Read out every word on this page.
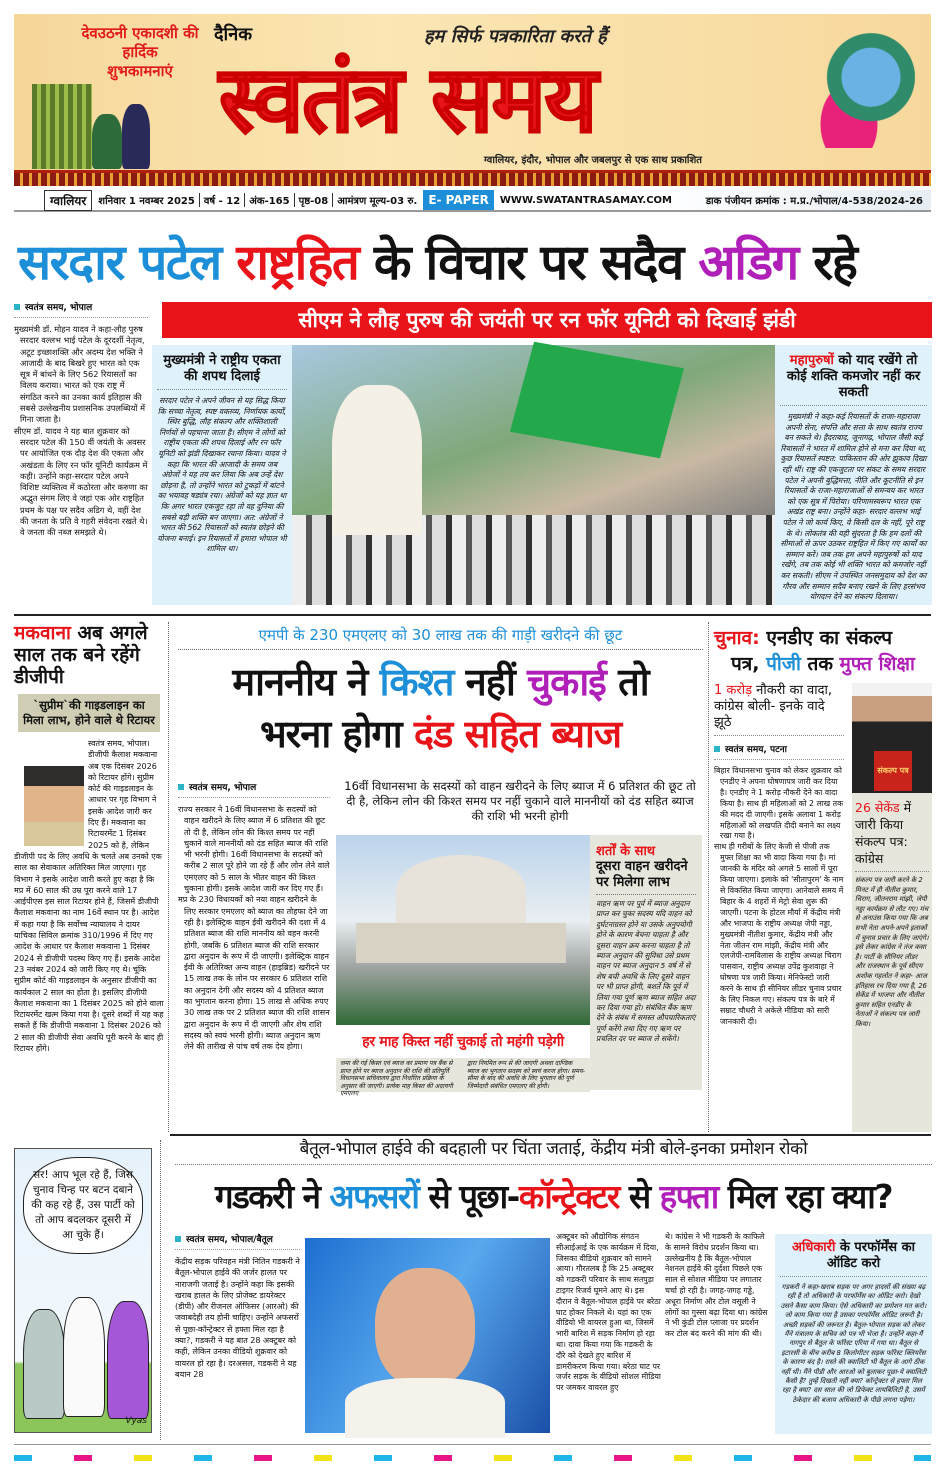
देवउठनी एकादशी की
हार्दिक
शुभकामनाएं
दैनिक	हम सिर्फ पत्रकारिता करते हैं
स्वतंत्र समय
ग्वालियर, इंदौर, भोपाल और जबलपुर से एक साथ प्रकाशित
ग्वालियर	शनिवार 1 नवम्बर 2025 वर्ष - 12 अंक-165 पृष्ठ-08 आमंत्रण मूल्य-03 रु. E- PAPER	WWW.SWATANTRASAMAY.COM	डाक पंजीयन क्रमांक : म.प्र./भोपाल/4-538/2024-26
सरदार पटेल राष्ट्रहित के विचार पर सदैव अडिग रहे
स्वतंत्र समय, भोपाल

मुख्यमंत्री डॉ. मोहन यादव ने कहा-लौह पुरुष सरदार वल्लभ भाई पटेल के दूरदर्शी नेतृत्व, अटूट इच्छाशक्ति और अदम्य देश भक्ति ने आजादी के बाद बिखरे हुए भारत को एक सूत्र में बांधने के लिए 562 रियासतों का विलय कराया। भारत को एक राष्ट्र में संगठित करने का उनका कार्य इतिहास की सबसे उल्लेखनीय प्रशासनिक उपलब्धियों में गिना जाता है।

सीएम डॉ. यादव ने यह बात शुक्रवार को सरदार पटेल की 150 वीं जयंती के अवसर पर आयोजित एक दौड़ देश की एकता और अखंडता के लिए रन फॉर यूनिटी कार्यक्रम में कही। उन्होंने कहा-सरदार पटेल अपने विशिष्ट व्यक्तित्व में कठोरता और करुणा का अद्भुत संगम लिए वे जहां एक ओर राष्ट्रहित प्रथम के पक्ष पर सदैव अडिग थे, वहीं देश की जनता के प्रति वे गहरी संवेदना रखते थे। वे जनता की नब्ज समझते थे।

सीएम ने लौह पुरुष की जयंती पर रन फॉर यूनिटी को दिखाई झंडी
मुख्यमंत्री ने राष्ट्रीय एकता की शपथ दिलाई
सरदार पटेल ने अपने जीवन से यह सिद्ध किया कि सच्चा नेतृत्व, स्पष्ट वक्तव्य, निर्णायक कार्यों, स्थिर बुद्धि, लौह संकल्प और शक्तिशाली निर्णयों से पहचाना जाता है। सीएम ने लोगों को राष्ट्रीय एकता की शपथ दिलाई और रन फॉर यूनिटी को झंडी दिखाकर रवाना किया। यादव ने कहा कि भारत की आजादी के समय जब अंग्रेजों ने यह तय कर लिया कि अब उन्हें देश छोड़ना है, तो उन्होंने भारत को टुकड़ों में बांटने का भयावह षड्यंत्र रचा। अंग्रेजों को यह ज्ञात था कि अगर भारत एकजुट रहा तो वह दुनिया की सबसे बड़ी शक्ति बन जाएगा। अत: अंग्रेजों ने भारत की 562 रियासतों को स्वतंत्र छोड़ने की योजना बनाई। इन रियासतों में हमारा भोपाल भी शामिल था।
महापुरुषों को याद रखेंगे तो कोई शक्ति कमजोर नहीं कर सकती
मुख्यमंत्री ने कहा-कई रियासतों के राजा-महाराजा अपनी सेना, संपत्ति और सत्ता के साथ स्वतंत्र राज्य बन सकते थे। हैदराबाद, जूनागढ़, भोपाल जैसी कई रियासतों ने भारत में शामिल होने से मना कर दिया था, कुछ रियासतें स्पष्टत: पाकिस्तान की ओर झुकाव दिखा रही थीं। राष्ट्र की एकजुटता पर संकट के समय सरदार पटेल ने अपनी बुद्धिमत्ता, नीति और कूटनीति से इन रियासतों के राजा-महाराजाओं से समन्वय कर भारत को एक सूत्र में पिरोया। परिणामस्वरूप भारत एक अखंड राष्ट्र बना। उन्होंने कहा- सरदार वल्लभ भाई पटेल ने जो कार्य किए, वे किसी दल के नहीं, पूरे राष्ट्र के थे। लोकतंत्र की यही सुंदरता है कि हम दलों की सीमाओं से ऊपर उठकर राष्ट्रहित में किए गए कार्यों का सम्मान करें। जब तक हम अपने महापुरुषों को याद रखेंगे, तब तक कोई भी शक्ति भारत को कमजोर नहीं कर सकती। सीएम ने उपस्थित जनसमुदाय को देश का गौरव और सम्मान सदैव बनाए रखने के लिए हरसंभव योगदान देने का संकल्प दिलाया।
मकवाना अब अगले साल तक बने रहेंगे डीजीपी
`सुप्रीम`की गाइडलाइन का मिला लाभ, होने वाले थे रिटायर
स्वतंत्र समय, भोपाल। डीजीपी कैलाश मकवाना अब एक दिसंबर 2026 को रिटायर होंगे। सुप्रीम कोर्ट की गाइडलाइन के आधार पर गृह विभाग ने इसके आदेश जारी कर दिए हैं। मकवाना का रिटायरमेंट 1 दिसंबर 2025 को है, लेकिन डीजीपी पद के लिए अवधि के चलते अब उनको एक साल का सेवाकाल अतिरिक्त मिल जाएगा। गृह विभाग ने इसके आदेश जारी करते हुए कहा है कि मप्र में 60 साल की उम्र पूरा करने वाले 17 आईपीएस इस साल रिटायर होने हैं, जिसमें डीजीपी कैलाश मकवाना का नाम 16वें स्थान पर है। आदेश में कहा गया है कि सर्वोच्च न्यायालय ने दायर याचिका सिविल क्रमांक 310/1996 में दिए गए आदेश के आधार पर कैलाश मकवाना 1 दिसंबर 2024 से डीजीपी पदस्थ किए गए हैं। इसके आदेश 23 नवंबर 2024 को जारी किए गए थे। चूंकि सुप्रीम कोर्ट की गाइडलाइन के अनुसार डीजीपी का कार्यकाल 2 साल का होता है। इसलिए डीजीपी कैलाश मकवाना का 1 दिसंबर 2025 को होने वाला रिटायरमेंट खत्म किया गया है। दूसरे शब्दों में यह कह सकते हैं कि डीजीपी मकवाना 1 दिसंबर 2026 को 2 साल की डीजीपी सेवा अवधि पूरी करने के बाद ही रिटायर होंगे।
एमपी के 230 एमएलए को 30 लाख तक की गाड़ी खरीदने की छूट
माननीय ने किश्त नहीं चुकाई तो
भरना होगा दंड सहित ब्याज
स्वतंत्र समय, भोपाल

राज्य सरकार ने 16वीं विधानसभा के सदस्यों को वाहन खरीदने के लिए ब्याज में 6 प्रतिशत की छूट तो दी है, लेकिन लोन की किश्त समय पर नहीं चुकाने वाले माननीयों को दंड सहित ब्याज की राशि भी भरनी होगी। 16वीं विधानसभा के सदस्यों को करीब 2 साल पूरे होने जा रहे हैं और लोन लेने वाले एमएलए को 5 साल के भीतर वाहन की किश्त चुकाना होगी। इसके आदेश जारी कर दिए गए हैं।

मप्र के 230 विधायकों को नया वाहन खरीदने के लिए सरकार एमएलए को ब्याज का तोहफा देने जा रही है। इलेक्ट्रिक वाहन ईवी खरीदने की दशा में 4 प्रतिशत ब्याज की राशि माननीय को वहन करनी होगी, जबकि 6 प्रतिशत ब्याज की राशि सरकार द्वारा अनुदान के रूप में दी जाएगी। इलेक्ट्रिक वाहन ईवी के अतिरिक्त अन्य वाहन (हाइब्रिड) खरीदने पर 15 लाख तक के लोन पर सरकार 6 प्रतिशत राशि का अनुदान देगी और सदस्य को 4 प्रतिशत ब्याज का भुगतान करना होगा। 15 लाख से अधिक रुपए 30 लाख तक पर 2 प्रतिशत ब्याज की राशि शासन द्वारा अनुदान के रूप में दी जाएगी और शेष राशि सदस्य को स्वयं भरनी होगी। ब्याज अनुदान ऋण लेने की तारीख से पांच वर्ष तक देय होगा।

16वीं विधानसभा के सदस्यों को वाहन खरीदने के लिए ब्याज में 6 प्रतिशत की छूट तो दी है, लेकिन लोन की किश्त समय पर नहीं चुकाने वाले माननीयों को दंड सहित ब्याज की राशि भी भरनी होगी
शर्तों के साथ
दूसरा वाहन खरीदने पर मिलेगा लाभ
वाहन ऋण पर पूर्व में ब्याज अनुदान प्राप्त कर चुका सदस्य यदि वाहन को दुर्घटनाग्रस्त होने या उसके अनुपयोगी होने के कारण बेचना चाहता है और दूसरा वाहन क्रय करना चाहता है तो ब्याज अनुदान की सुविधा उसे प्रथम वाहन पर ब्याज अनुदान 5 वर्ष में से शेष बची अवधि के लिए दूसरे वाहन पर भी प्राप्त होगी, बशर्ते कि पूर्व में लिया गया पूर्ण ऋण ब्याज सहित अदा कर दिया गया हो। संबंधित बैंक ऋण देने के संबंध में समस्त औपचारिकताएं पूर्ण करेंगे तथा दिए गए ऋण पर प्रचलित दर पर ब्याज ले सकेंगे।
हर माह किस्त नहीं चुकाई तो महंगी पड़ेगी
जमा की गई किस्त एवं ब्याज का प्रमाण पत्र बैंक से प्राप्त होने पर ब्याज अनुदान की राशि की प्रतिपूर्ति विधानसभा सचिवालय द्वारा निर्धारित प्रक्रिया के अनुसार की जाएगी। प्रत्येक माह किस्त की अदायगी एमएलए
द्वारा नियमित रूप से की जाएगी अथवा दाण्डिक ब्याज का भुगतान सदस्य को स्वयं करना होगा। समय-सीमा के बाद की अवधि के लिए भुगतान की पूर्ण जिम्मेदारी संबंधित एमएलए की होगी।
चुनाव: एनडीए का संकल्प
पत्र, पीजी तक मुफ्त शिक्षा
1 करोड़ नौकरी का वादा, कांग्रेस बोली- इनके वादे झूठे
स्वतंत्र समय, पटना

बिहार विधानसभा चुनाव को लेकर शुक्रवार को एनडीए ने अपना घोषणापत्र जारी कर दिया है। एनडीए ने 1 करोड़ नौकरी देने का वादा किया है। साथ ही महिलाओं को 2 लाख तक की मदद दी जाएगी। इसके अलावा 1 करोड़ महिलाओं को लखपति दीदी बनाने का लक्ष्य रखा गया है।

साथ ही गरीबों के लिए केजी से पीजी तक मुफ्त शिक्षा का भी वादा किया गया है। मां जानकी के मंदिर को अगले 5 सालों में पूरा किया जाएगा। इलाके को 'सीतापुरम' के नाम से विकसित किया जाएगा। आनेवाले समय में बिहार के 4 शहरों में मेट्रो सेवा शुरू की जाएगी। पटना के होटल मौर्या में केंद्रीय मंत्री और भाजपा के राष्ट्रीय अध्यक्ष जेपी नड्डा, मुख्यमंत्री नीतीश कुमार, केंद्रीय मंत्री और नेता जीतन राम मांझी, केंद्रीय मंत्री और एलजेपी-रामविलास के राष्ट्रीय अध्यक्ष चिराग पासवान, राष्ट्रीय अध्यक्ष उपेंद्र कुशवाहा ने घोषणा पत्र जारी किया। मेनिफेस्टो जारी करने के साथ ही सीनियर लीडर चुनाव प्रचार के लिए निकल गए। संकल्प पत्र के बारे में सम्राट चौधरी ने अकेले मीडिया को सारी जानकारी दी।

संकल्प पत्र
26 सेकेंड में जारी किया संकल्प पत्र: कांग्रेस
संकल्प पत्र जारी करने के 2 मिनट में ही नीतीश कुमार, चिराग, जीतनराम मांझी, जेपी नड्डा कार्यक्रम से लौट गए। मंच से अनाउंस किया गया कि अब सभी नेता अपने-अपने इलाकों में चुनाव प्रचार के लिए जाएंगे। इसे लेकर कांग्रेस ने तंज कसा है। पार्टी के सीनियर लीडर और राजस्थान के पूर्व सीएम अशोक गहलोत ने कहा- आज इतिहास रच दिया गया है, 26 सेकेंड में भाजपा और नीतीश कुमार सहित एनडीए के नेताओं ने संकल्प पत्र जारी किया।
सर! आप भूल रहे हैं, जिस चुनाव चिन्ह पर बटन दबाने की कह रहे हैं, उस पार्टी को तो आप बदलकर दूसरी में आ चुके हैं।
Vyas
बैतूल-भोपाल हाईवे की बदहाली पर चिंता जताई, केंद्रीय मंत्री बोले-इनका प्रमोशन रोको
गडकरी ने अफसरों से पूछा-कॉन्ट्रेक्टर से हफ्ता मिल रहा क्या?
स्वतंत्र समय, भोपाल/बैतूल
केंद्रीय सड़क परिवहन मंत्री नितिन गडकरी ने बैतूल-भोपाल हाईवे की जर्जर हालत पर नाराजगी जताई है। उन्होंने कहा कि इसकी खराब हालत के लिए प्रोजेक्ट डायरेक्टर (डीपी) और रीजनल ऑफिसर (आरओ) की जवाबदेही तय होनी चाहिए। उन्होंने अफसरों से पूछा-कॉन्ट्रेक्टर से हफ्ता मिल रहा है क्या?, गडकरी ने यह बात 28 अक्टूबर को कही, लेकिन उनका वीडियो शुक्रवार को वायरल हो रहा है। दरअसल, गडकरी ने यह बयान 28
अक्टूबर को औद्योगिक संगठन सीआईआई के एक कार्यक्रम में दिया, जिसका वीडियो शुक्रवार को सामने आया। गौरतलब है कि 25 अक्टूबर को गडकरी परिवार के साथ सतपुड़ा टाइगर रिजर्व घूमने आए थे। इस दौरान वे बैतूल-भोपाल हाईवे पर बरेठा घाट होकर निकले थे। यहां का एक वीडियो भी वायरल हुआ था, जिसमें भारी बारिश में सड़क निर्माण हो रहा था। दावा किया गया कि गडकरी के दौरे को देखते हुए बारिश में डामरीकरण किया गया। बरेठा घाट पर जर्जर सड़क के वीडियो सोशल मीडिया पर जमकर वायरल हुए
थे। कांग्रेस ने भी गडकरी के काफिले के सामने विरोध प्रदर्शन किया था। उल्लेखनीय है कि बैतूल-भोपाल नेशनल हाईवे की दुर्दशा पिछले एक साल से सोशल मीडिया पर लगातार चर्चा हो रही है। जगह-जगह गड्ढे, अधूरा निर्माण और टोल वसूली ने लोगों का गुस्सा बढ़ा दिया था। कांग्रेस ने भी कुंडी टोल प्लाजा पर प्रदर्शन कर टोल बंद करने की मांग की थी।
अधिकारी के परफॉर्मेंस का ऑडिट करो
गडकरी ने कहा-खराब सड़क पर अगर हादसों की संख्या बढ़ रही है तो अधिकारी के परफॉर्मेंस का ऑडिट करो। देखो उसने कैसा काम किया। ऐसे अधिकारी का प्रमोशन मत करो। जो काम किया गया है उसका परफॉर्मेंस ऑडिट जरूरी है। अच्छी सड़कों की जरूरत है। बैतूल-भोपाल सड़क को लेकर मैंने मंत्रालय के सचिव को पत्र भी भेजा है। उन्होंने कहा-मैं नागपुर से बैतूल के फॉरेस्ट एरिया में गया था। बैतूल से इटारसी के बीच करीब 8 किलोमीटर सड़क फॉरेस्ट क्लियरेंस के कारण बंद है। रास्ते की क्वालिटी भी बैतूल के आगे ठीक नहीं थी। मैंने पीडी और आरओ को बुलाकर पूछा-ये क्वालिटी कैसी है? तुम्हें दिखती नहीं क्या? कॉन्ट्रेक्टर से हफ्ता मिल रहा है क्या? दस साल की जो डिफेक्ट लायबिलिटी है, उसमें ठेकेदार की बजाय अधिकारी के पीछे लगना पड़ेगा।
